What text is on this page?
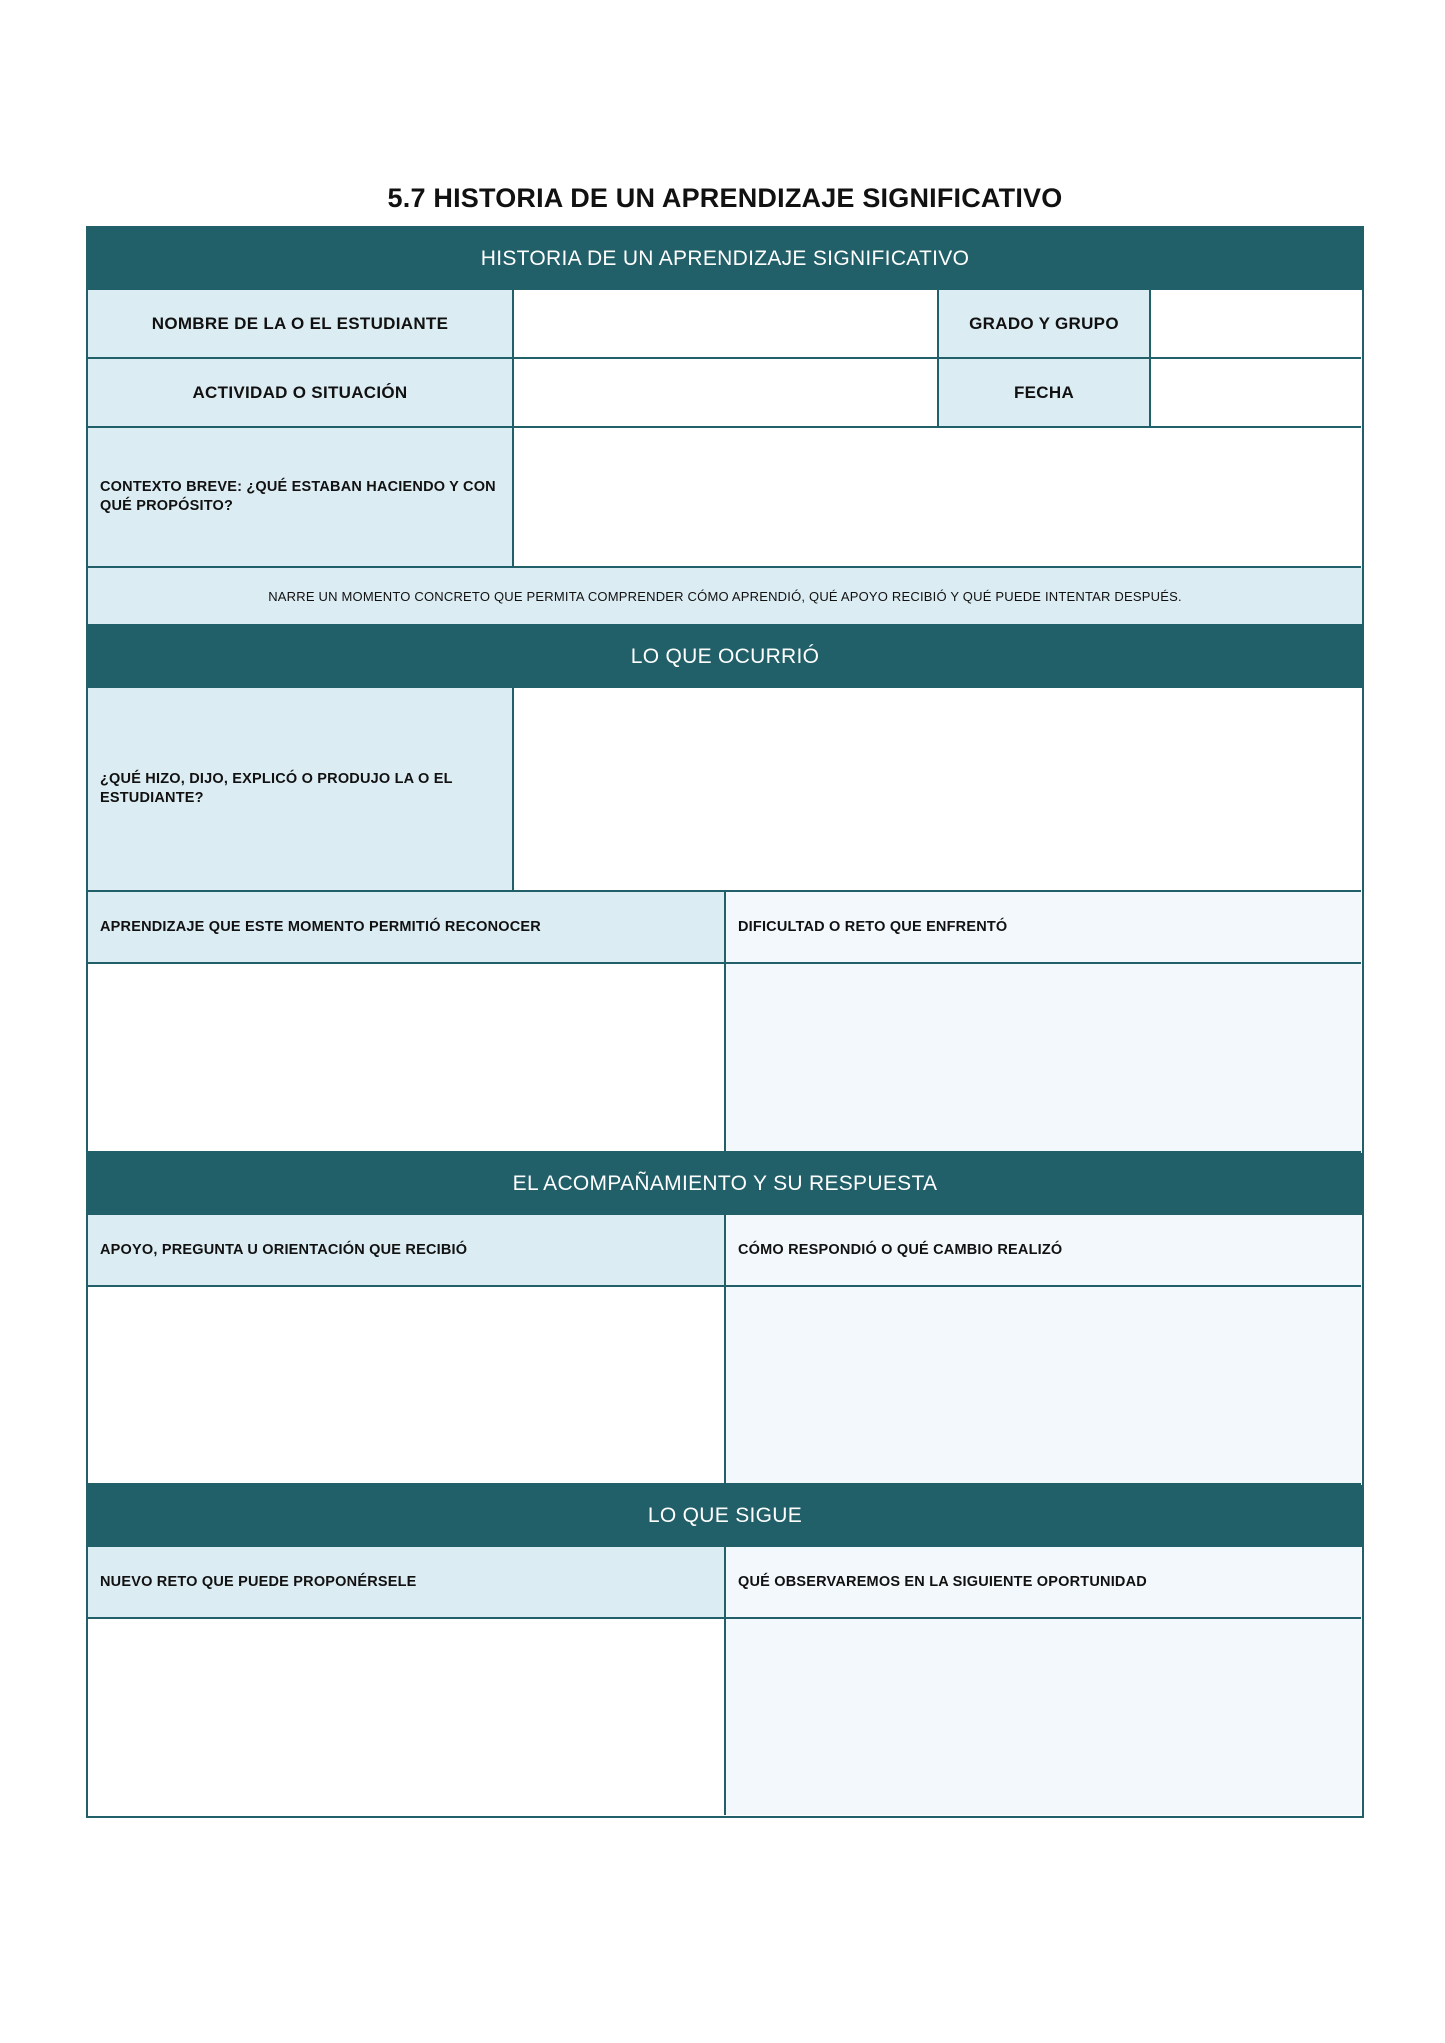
5.7 HISTORIA DE UN APRENDIZAJE SIGNIFICATIVO
HISTORIA DE UN APRENDIZAJE SIGNIFICATIVO
NOMBRE DE LA O EL ESTUDIANTE	GRADO Y GRUPO
ACTIVIDAD O SITUACIÓN	FECHA
CONTEXTO BREVE: ¿QUÉ ESTABAN HACIENDO Y CON QUÉ PROPÓSITO?
NARRE UN MOMENTO CONCRETO QUE PERMITA COMPRENDER CÓMO APRENDIÓ, QUÉ APOYO RECIBIÓ Y QUÉ PUEDE INTENTAR DESPUÉS.
LO QUE OCURRIÓ
¿QUÉ HIZO, DIJO, EXPLICÓ O PRODUJO LA O EL ESTUDIANTE?
APRENDIZAJE QUE ESTE MOMENTO PERMITIÓ RECONOCER	DIFICULTAD O RETO QUE ENFRENTÓ
EL ACOMPAÑAMIENTO Y SU RESPUESTA
APOYO, PREGUNTA U ORIENTACIÓN QUE RECIBIÓ	CÓMO RESPONDIÓ O QUÉ CAMBIO REALIZÓ
LO QUE SIGUE
NUEVO RETO QUE PUEDE PROPONÉRSELE	QUÉ OBSERVAREMOS EN LA SIGUIENTE OPORTUNIDAD
